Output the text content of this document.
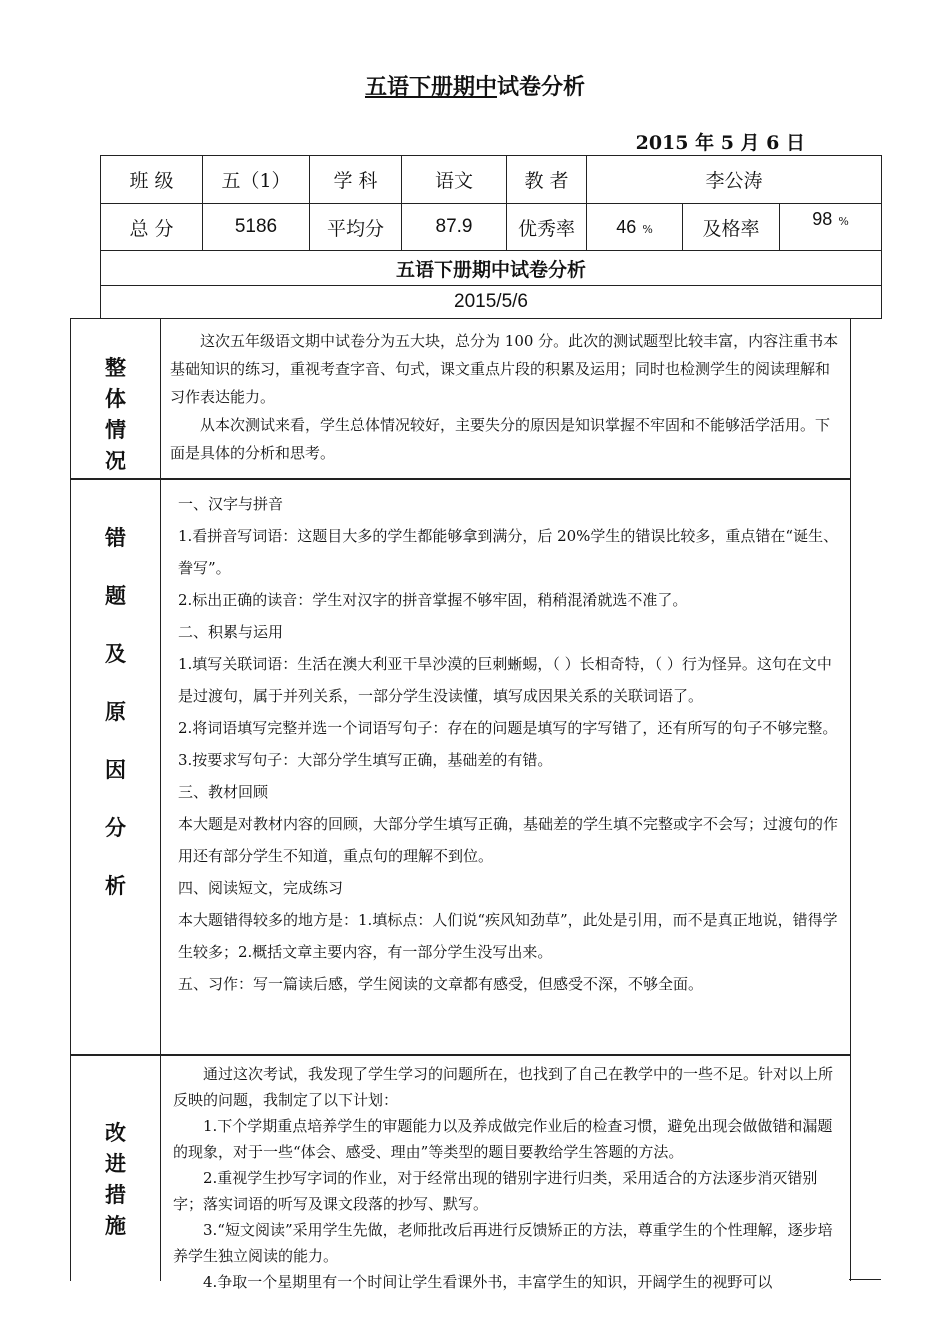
五语下册期中试卷分析
2015 年 5 月 6 日
班 级	五（1）	学 科	语文	教 者	李公涛		
总 分	5186	平均分	87.9	优秀率	46 %	及格率	98 %
五语下册期中试卷分析							
2015/5/6							
整
体
情
况

这次五年级语文期中试卷分为五大块，总分为 100 分。此次的测试题型比较丰富，内容注重书本基础知识的练习，重视考查字音、句式，课文重点片段的积累及运用；同时也检测学生的阅读理解和习作表达能力。

从本次测试来看，学生总体情况较好，主要失分的原因是知识掌握不牢固和不能够活学活用。下面是具体的分析和思考。

错
题
及
原
因
分
析

一、汉字与拼音

1.看拼音写词语：这题目大多的学生都能够拿到满分，后 20%学生的错误比较多，重点错在“诞生、誊写”。

2.标出正确的读音：学生对汉字的拼音掌握不够牢固，稍稍混淆就选不准了。

二、积累与运用

1.填写关联词语：生活在澳大利亚干旱沙漠的巨刺蜥蜴，（ ）长相奇特，（ ）行为怪异。这句在文中是过渡句，属于并列关系，一部分学生没读懂，填写成因果关系的关联词语了。

2.将词语填写完整并选一个词语写句子：存在的问题是填写的字写错了，还有所写的句子不够完整。

3.按要求写句子：大部分学生填写正确，基础差的有错。

三、教材回顾

本大题是对教材内容的回顾，大部分学生填写正确，基础差的学生填不完整或字不会写；过渡句的作用还有部分学生不知道，重点句的理解不到位。

四、阅读短文，完成练习

本大题错得较多的地方是：1.填标点：人们说“疾风知劲草”，此处是引用，而不是真正地说，错得学生较多；2.概括文章主要内容，有一部分学生没写出来。

五、习作：写一篇读后感，学生阅读的文章都有感受，但感受不深，不够全面。

改
进
措
施

通过这次考试，我发现了学生学习的问题所在，也找到了自己在教学中的一些不足。针对以上所反映的问题，我制定了以下计划：

1.下个学期重点培养学生的审题能力以及养成做完作业后的检查习惯，避免出现会做做错和漏题的现象，对于一些“体会、感受、理由”等类型的题目要教给学生答题的方法。

2.重视学生抄写字词的作业，对于经常出现的错别字进行归类，采用适合的方法逐步消灭错别字；落实词语的听写及课文段落的抄写、默写。

3.“短文阅读”采用学生先做，老师批改后再进行反馈矫正的方法，尊重学生的个性理解，逐步培养学生独立阅读的能力。

4.争取一个星期里有一个时间让学生看课外书，丰富学生的知识，开阔学生的视野可以
